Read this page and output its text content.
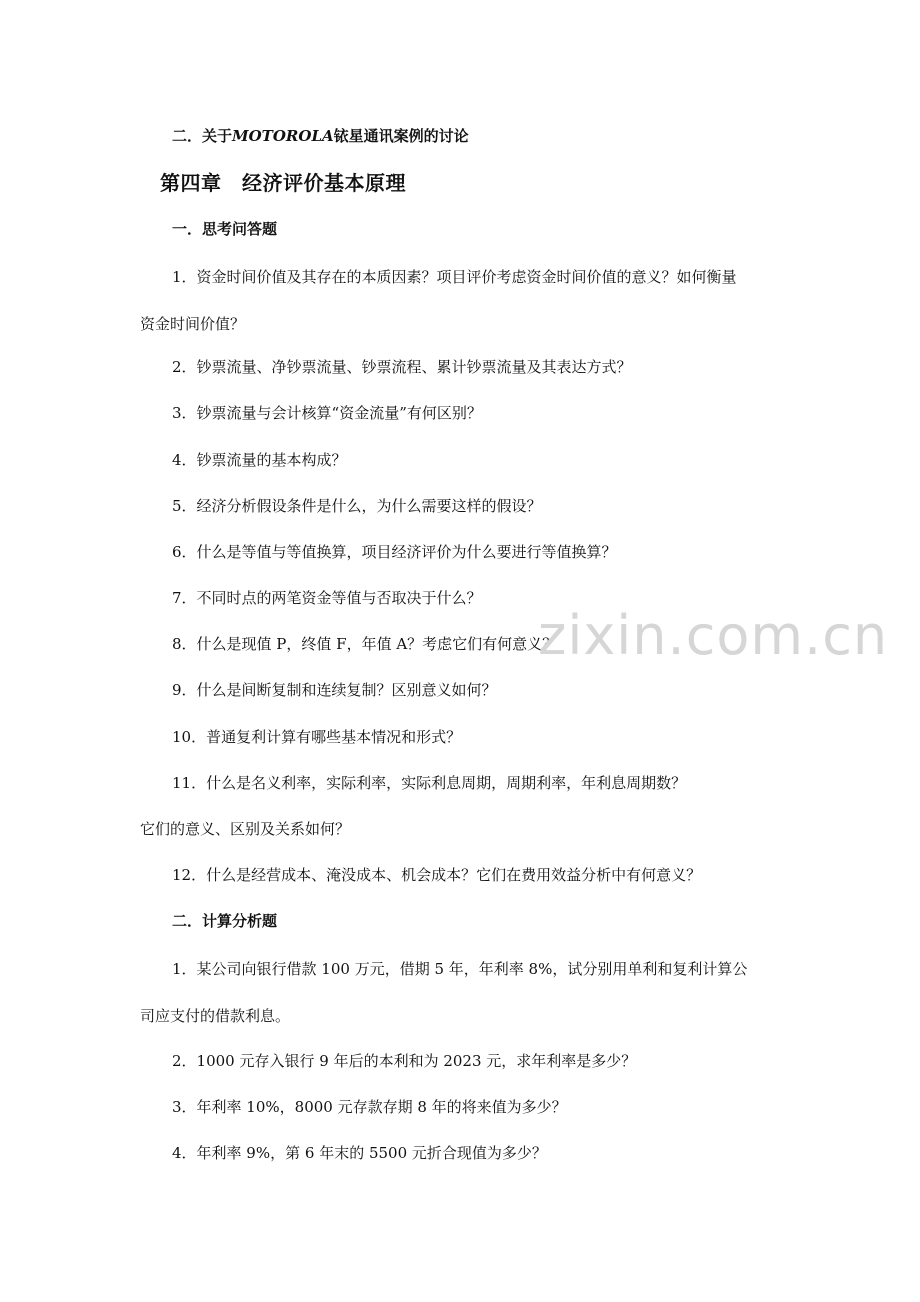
二．关于MOTOROLA铱星通讯案例的讨论
第四章　经济评价基本原理
一．思考问答题
1．资金时间价值及其存在的本质因素？项目评价考虑资金时间价值的意义？如何衡量
资金时间价值？
2．钞票流量、净钞票流量、钞票流程、累计钞票流量及其表达方式？
3．钞票流量与会计核算“资金流量”有何区别？
4．钞票流量的基本构成？
5．经济分析假设条件是什么，为什么需要这样的假设？
6．什么是等值与等值换算，项目经济评价为什么要进行等值换算？
7．不同时点的两笔资金等值与否取决于什么？
8．什么是现值 P，终值 F，年值 A？考虑它们有何意义？
9．什么是间断复制和连续复制？区别意义如何？
10．普通复利计算有哪些基本情况和形式？
11．什么是名义利率，实际利率，实际利息周期，周期利率，年利息周期数？
它们的意义、区别及关系如何？
12．什么是经营成本、淹没成本、机会成本？它们在费用效益分析中有何意义？
二．计算分析题
1．某公司向银行借款 100 万元，借期 5 年，年利率 8%，试分别用单利和复利计算公
司应支付的借款利息。
2．1000 元存入银行 9 年后的本利和为 2023 元，求年利率是多少？
3．年利率 10%，8000 元存款存期 8 年的将来值为多少？
4．年利率 9%，第 6 年末的 5500 元折合现值为多少？
zixin.com.cn
